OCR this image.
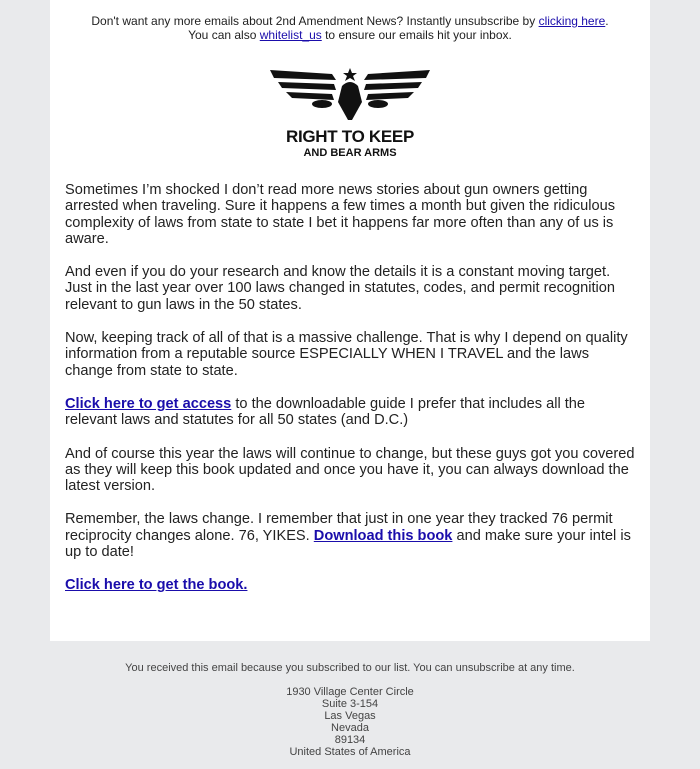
Don't want any more emails about 2nd Amendment News? Instantly unsubscribe by clicking here.
You can also whitelist_us to ensure our emails hit your inbox.
RIGHT TO KEEP
AND BEAR ARMS

Sometimes I’m shocked I don’t read more news stories about gun owners getting arrested when traveling. Sure it happens a few times a month but given the ridiculous complexity of laws from state to state I bet it happens far more often than any of us is aware.

And even if you do your research and know the details it is a constant moving target. Just in the last year over 100 laws changed in statutes, codes, and permit recognition relevant to gun laws in the 50 states.

Now, keeping track of all of that is a massive challenge. That is why I depend on quality information from a reputable source ESPECIALLY WHEN I TRAVEL and the laws change from state to state.

Click here to get access to the downloadable guide I prefer that includes all the relevant laws and statutes for all 50 states (and D.C.)

And of course this year the laws will continue to change, but these guys got you covered as they will keep this book updated and once you have it, you can always download the latest version.

Remember, the laws change. I remember that just in one year they tracked 76 permit reciprocity changes alone. 76, YIKES. Download this book and make sure your intel is up to date!

Click here to get the book.

You received this email because you subscribed to our list. You can unsubscribe at any time.
1930 Village Center Circle
Suite 3-154
Las Vegas
Nevada
89134
United States of America
